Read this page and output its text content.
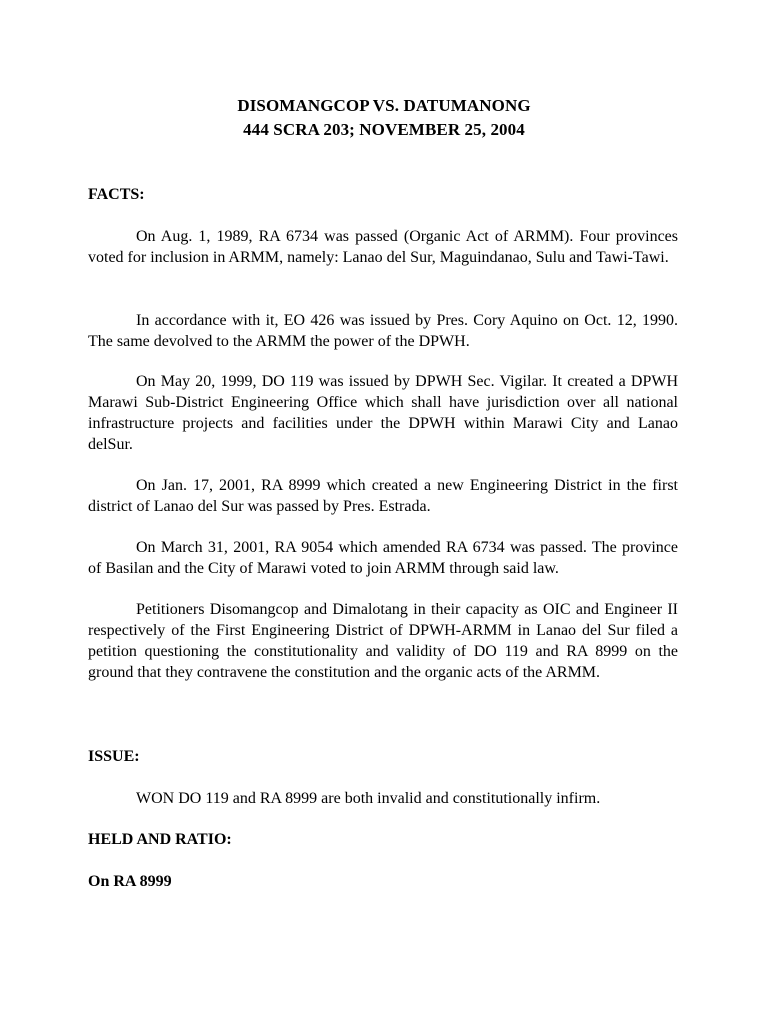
DISOMANGCOP VS. DATUMANONG
444 SCRA 203; NOVEMBER 25, 2004
FACTS:
On Aug. 1, 1989, RA 6734 was passed (Organic Act of ARMM). Four provinces voted for inclusion in ARMM, namely: Lanao del Sur, Maguindanao, Sulu and Tawi-Tawi.
In accordance with it, EO 426 was issued by Pres. Cory Aquino on Oct. 12, 1990. The same devolved to the ARMM the power of the DPWH.
On May 20, 1999, DO 119 was issued by DPWH Sec. Vigilar. It created a DPWH Marawi Sub-District Engineering Office which shall have jurisdiction over all national infrastructure projects and facilities under the DPWH within Marawi City and Lanao delSur.
On Jan. 17, 2001, RA 8999 which created a new Engineering District in the first district of Lanao del Sur was passed by Pres. Estrada.
On March 31, 2001, RA 9054 which amended RA 6734 was passed. The province of Basilan and the City of Marawi voted to join ARMM through said law.
Petitioners Disomangcop and Dimalotang in their capacity as OIC and Engineer II respectively of the First Engineering District of DPWH-ARMM in Lanao del Sur filed a petition questioning the constitutionality and validity of DO 119 and RA 8999 on the ground that they contravene the constitution and the organic acts of the ARMM.
ISSUE:
WON DO 119 and RA 8999 are both invalid and constitutionally infirm.
HELD AND RATIO:
On RA 8999
